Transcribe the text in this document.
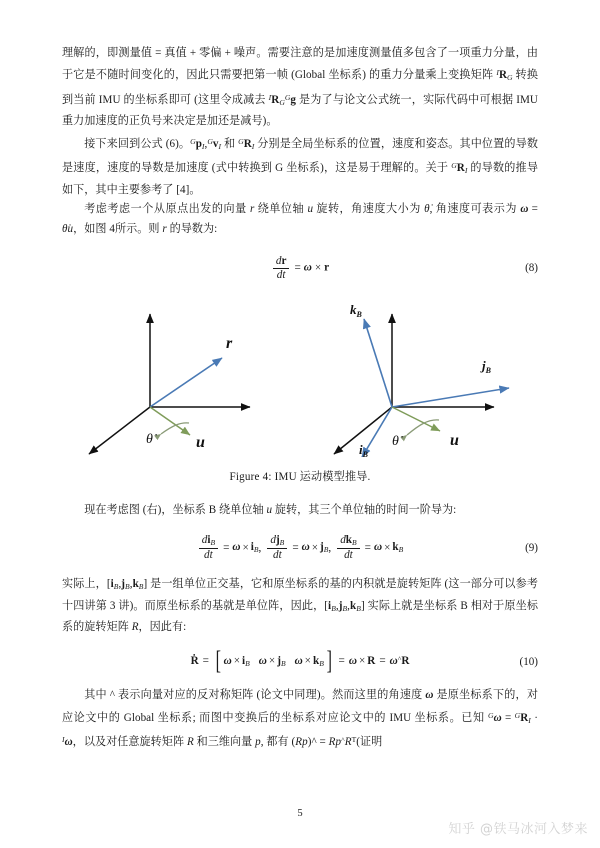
理解的，即测量值 = 真值 + 零偏 + 噪声。需要注意的是加速度测量值多包含了一项重力分量，由于它是不随时间变化的，因此只需要把第一帧 (Global 坐标系) 的重力分量乘上变换矩阵 $^I$RG 转换到当前 IMU 的坐标系即可 (这里令成减去 $^IRG^Gg$ 是为了与论文公式统一，实际代码中可根据 IMU 重力加速度的正负号来决定是加还是减号)。

接下来回到公式 (6)。$^G$pI,$^G$vI 和 $^G$RI 分别是全局坐标系的位置，速度和姿态。其中位置的导数是速度，速度的导数是加速度 (式中转换到 G 坐标系)，这是易于理解的。关于 $^G$RI 的导数的推导如下，其中主要参考了 [4]。

考虑考虑一个从原点出发的向量 r 绕单位轴 u 旋转，角速度大小为 θ̇, 角速度可表示为 ω = θ̇u，如图 4所示。则 r 的导数为:

$\frac{dr}{dt} = \omega \times r$	(8)
r
u
θ̇
$k_B$
$j_B$
$i_B$
u
θ̇
Figure 4: IMU 运动模型推导.

现在考虑图 (右)，坐标系 B 绕单位轴 u 旋转，其三个单位轴的时间一阶导为:

$\frac{\text{diB}}{dt} = \omega$ × iB, $\frac{\text{djB}}{dt} = \omega$ × jB, $\frac{\text{dkB}}{dt} = \omega$ × kB	(9)

实际上，[iB,jB,kB] 是一组单位正交基，它和原坐标系的基的内积就是旋转矩阵 (这一部分可以参考十四讲第 3 讲)。而原坐标系的基就是单位阵，因此，[iB,jB,kB] 实际上就是坐标系 B 相对于原坐标系的旋转矩阵 R，因此有:

Ṙ = [ ω × iB ω × jB ω × kB ] = ω × R = ω^R	(10)

其中 ^ 表示向量对应的反对称矩阵 (论文中同理)。然而这里的角速度 ω 是原坐标系下的，对应论文中的 Global 坐标系; 而图中变换后的坐标系对应论文中的 IMU 坐标系。已知 $^G$ω = $^G$RI · $^I$ω，以及对任意旋转矩阵 R 和三维向量 p, 都有 (Rp)^ = $Rp^{\^{}}R^T$(证明

5
知乎 @铁马冰河入梦来
